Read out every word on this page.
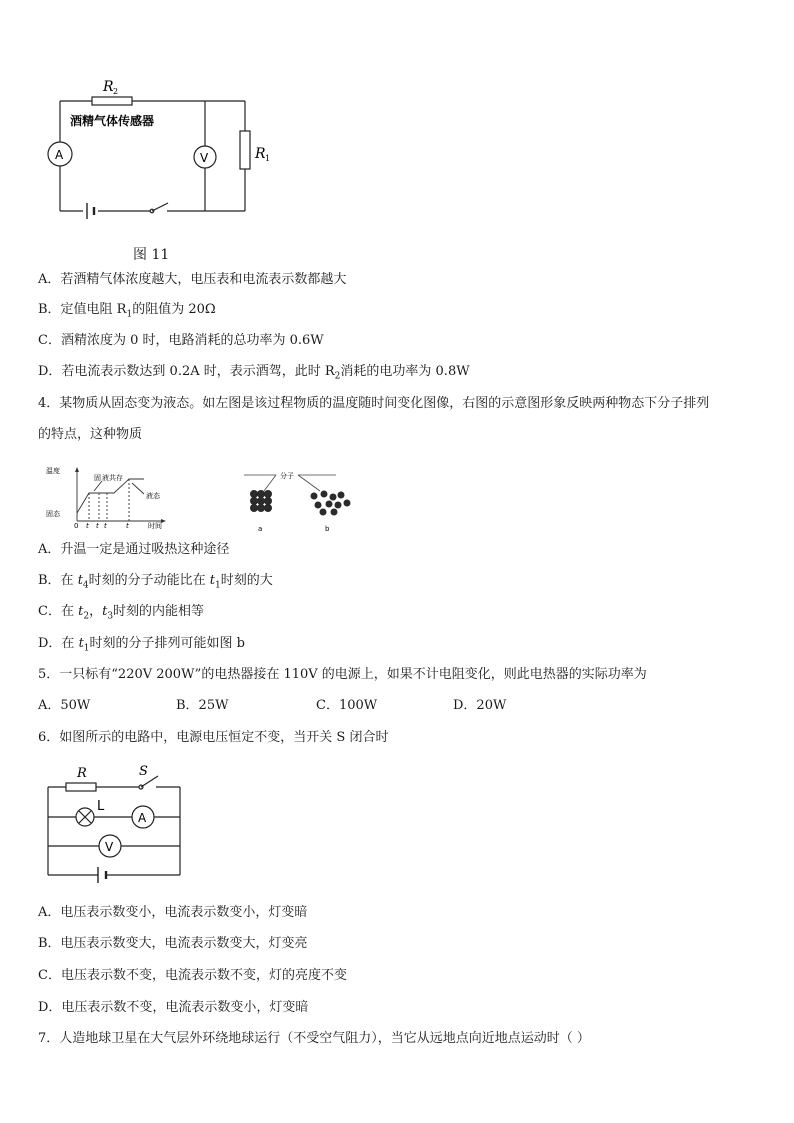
R 2
酒精气体传感器
A	V	R 1
图 11
A．若酒精气体浓度越大，电压表和电流表示数都越大
B．定值电阻 $R_1$的阻值为 20Ω
C．酒精浓度为 0 时，电路消耗的总功率为 0.6W
D．若电流表示数达到 0.2A 时，表示酒驾，此时 $R_2$消耗的电功率为 0.8W
4．某物质从固态变为液态。如左图是该过程物质的温度随时间变化图像，右图的示意图形象反映两种物态下分子排列
的特点，这种物质
温度
固态
固 液共存
液态
时间
0 t t t	t
分子
a	b
A．升温一定是通过吸热这种途径
B．在 $t_4$时刻的分子动能比在 $t_1$时刻的大
C．在 $t_2$，$t_3$时刻的内能相等
D．在 $t_1$时刻的分子排列可能如图 b
5．一只标有“220V 200W”的电热器接在 110V 的电源上，如果不计电阻变化，则此电热器的实际功率为
A．50W	B．25W	C．100W	D．20W
6．如图所示的电路中，电源电压恒定不变，当开关 S 闭合时
R	S
L
A
V
A．电压表示数变小，电流表示数变小，灯变暗
B．电压表示数变大，电流表示数变大，灯变亮
C．电压表示数不变，电流表示数不变，灯的亮度不变
D．电压表示数不变，电流表示数变小，灯变暗
7．人造地球卫星在大气层外环绕地球运行（不受空气阻力），当它从远地点向近地点运动时（ ）
